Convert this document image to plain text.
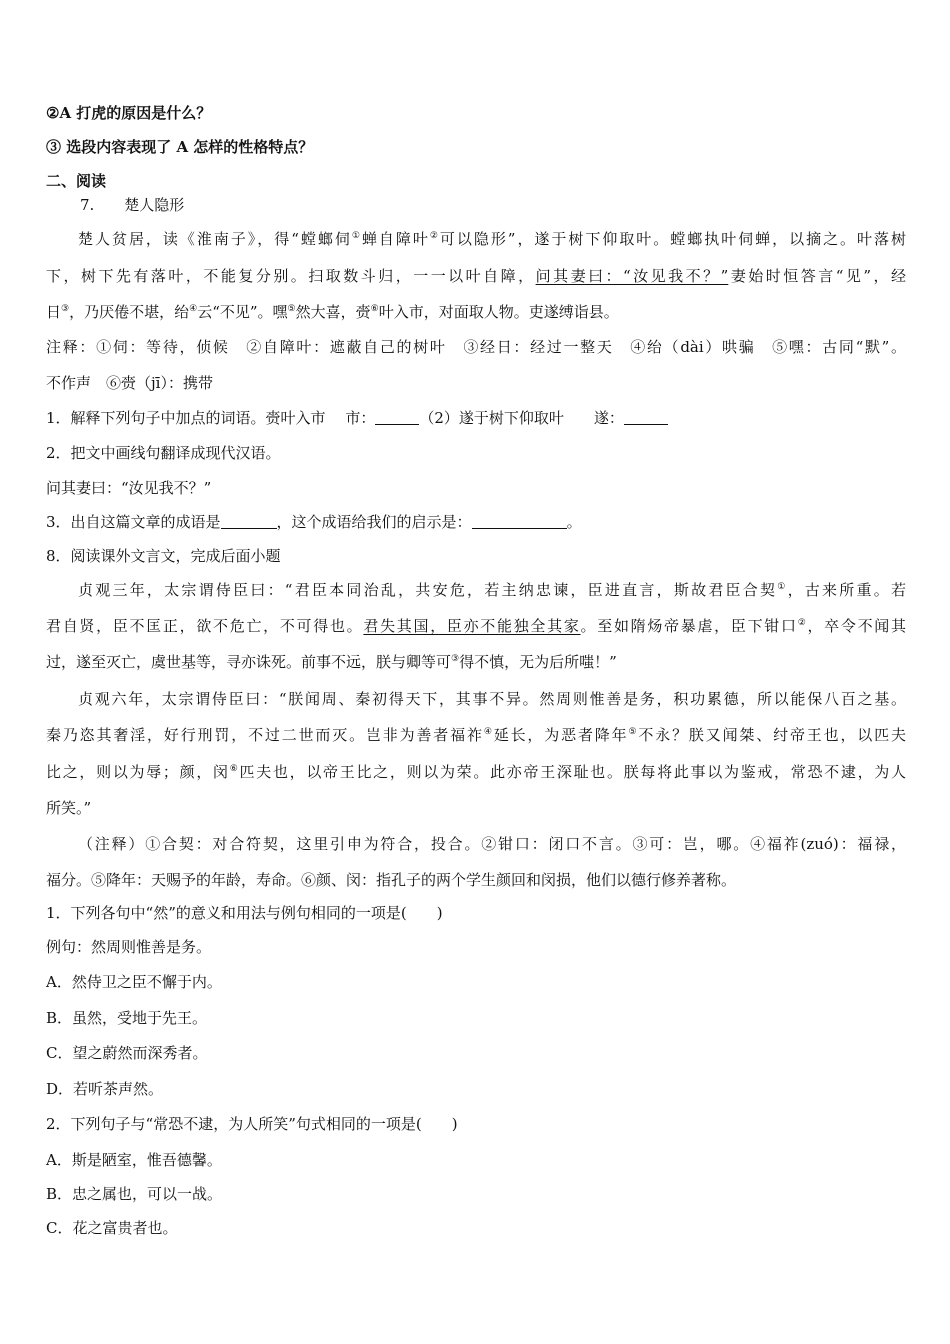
②A 打虎的原因是什么？
③ 选段内容表现了 A 怎样的性格特点？
二、阅读
7.　　楚人隐形
楚人贫居，读《淮南子》，得“螳螂伺①蝉自障叶②可以隐形”，遂于树下仰取叶。螳螂执叶伺蝉，以摘之。叶落树
下，树下先有落叶，不能复分别。扫取数斗归，一一以叶自障，问其妻曰：“汝见我不？”妻始时恒答言“见”，经
日③，乃厌倦不堪，绐④云“不见”。嘿⑤然大喜，赍⑥叶入市，对面取人物。吏遂缚诣县。
注释：①伺：等待，侦候　②自障叶：遮蔽自己的树叶　③经日：经过一整天　④绐（dài）哄骗　⑤嘿：古同“默”。
不作声　⑥赍（jī）：携带
1．解释下列句子中加点的词语。赍叶入市　 市：	（2）遂于树下仰取叶　　遂：
2．把文中画线句翻译成现代汉语。
问其妻曰：“汝见我不？”
3．出自这篇文章的成语是	，这个成语给我们的启示是：	。
8．阅读课外文言文，完成后面小题
贞观三年，太宗谓侍臣曰：“君臣本同治乱，共安危，若主纳忠谏，臣进直言，斯故君臣合契①，古来所重。若
君自贤，臣不匡正，欲不危亡，不可得也。君失其国，臣亦不能独全其家。至如隋炀帝暴虐，臣下钳口②，卒令不闻其
过，遂至灭亡，虞世基等，寻亦诛死。前事不远，朕与卿等可③得不慎，无为后所嗤！”
贞观六年，太宗谓侍臣曰：“朕闻周、秦初得天下，其事不异。然周则惟善是务，积功累德，所以能保八百之基。
秦乃恣其奢淫，好行刑罚，不过二世而灭。岂非为善者福祚④延长，为恶者降年⑤不永？朕又闻桀、纣帝王也，以匹夫
比之，则以为辱；颜，闵⑥匹夫也，以帝王比之，则以为荣。此亦帝王深耻也。朕每将此事以为鉴戒，常恐不逮，为人
所笑。”
（注释）①合契：对合符契，这里引申为符合，投合。②钳口：闭口不言。③可：岂，哪。④福祚(zuó)：福禄，
福分。⑤降年：天赐予的年龄，寿命。⑥颜、闵：指孔子的两个学生颜回和闵损，他们以德行修养著称。
1．下列各句中“然”的意义和用法与例句相同的一项是(　　)
例句：然周则惟善是务。
A．然侍卫之臣不懈于内。
B．虽然，受地于先王。
C．望之蔚然而深秀者。
D．若听茶声然。
2．下列句子与“常恐不逮，为人所笑”句式相同的一项是(　　)
A．斯是陋室，惟吾德馨。
B．忠之属也，可以一战。
C．花之富贵者也。
